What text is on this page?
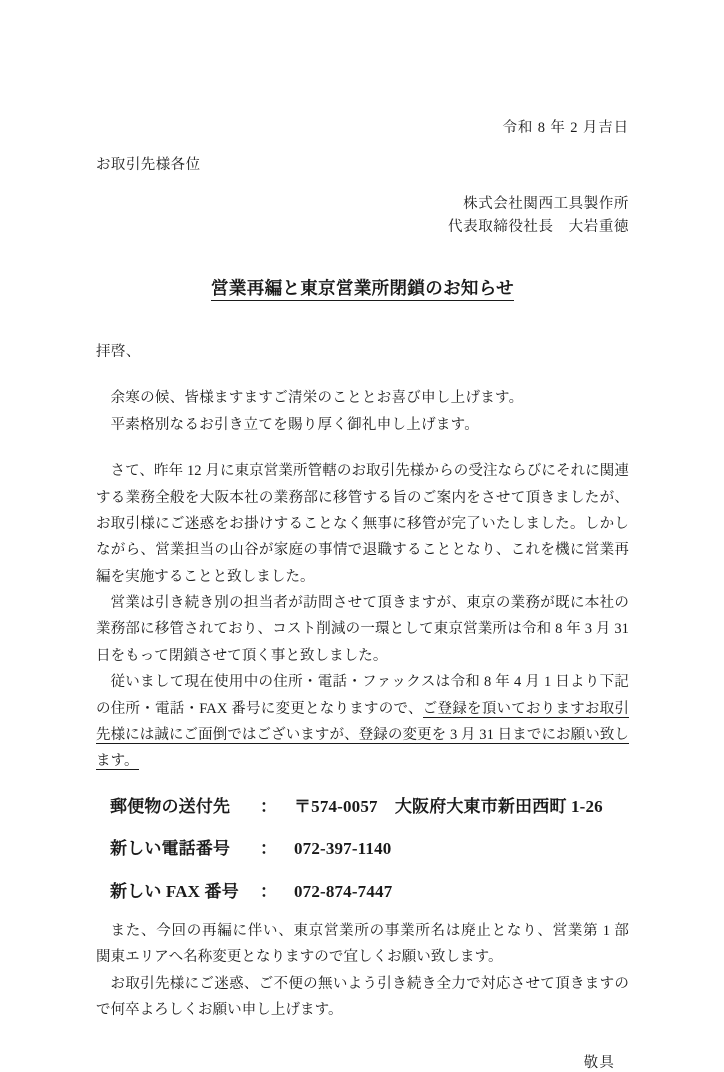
令和 8 年 2 月吉日
お取引先様各位
株式会社関西工具製作所
代表取締役社長　大岩重徳
営業再編と東京営業所閉鎖のお知らせ
拝啓、
余寒の候、皆様ますますご清栄のこととお喜び申し上げます。
平素格別なるお引き立てを賜り厚く御礼申し上げます。

さて、昨年 12 月に東京営業所管轄のお取引先様からの受注ならびにそれに関連する業務全般を大阪本社の業務部に移管する旨のご案内をさせて頂きましたが、お取引様にご迷惑をお掛けすることなく無事に移管が完了いたしました。しかしながら、営業担当の山谷が家庭の事情で退職することとなり、これを機に営業再編を実施することと致しました。

営業は引き続き別の担当者が訪問させて頂きますが、東京の業務が既に本社の業務部に移管されており、コスト削減の一環として東京営業所は令和 8 年 3 月 31 日をもって閉鎖させて頂く事と致しました。

従いまして現在使用中の住所・電話・ファックスは令和 8 年 4 月 1 日より下記の住所・電話・FAX 番号に変更となりますので、ご登録を頂いておりますお取引先様には誠にご面倒ではございますが、登録の変更を 3 月 31 日までにお願い致します。

郵便物の送付先	： 〒574-0057　大阪府大東市新田西町 1-26
新しい電話番号	： 072-397-1140
新しい FAX 番号	： 072-874-7447

また、今回の再編に伴い、東京営業所の事業所名は廃止となり、営業第 1 部　関東エリアへ名称変更となりますので宜しくお願い致します。

お取引先様にご迷惑、ご不便の無いよう引き続き全力で対応させて頂きますので何卒よろしくお願い申し上げます。

敬具
